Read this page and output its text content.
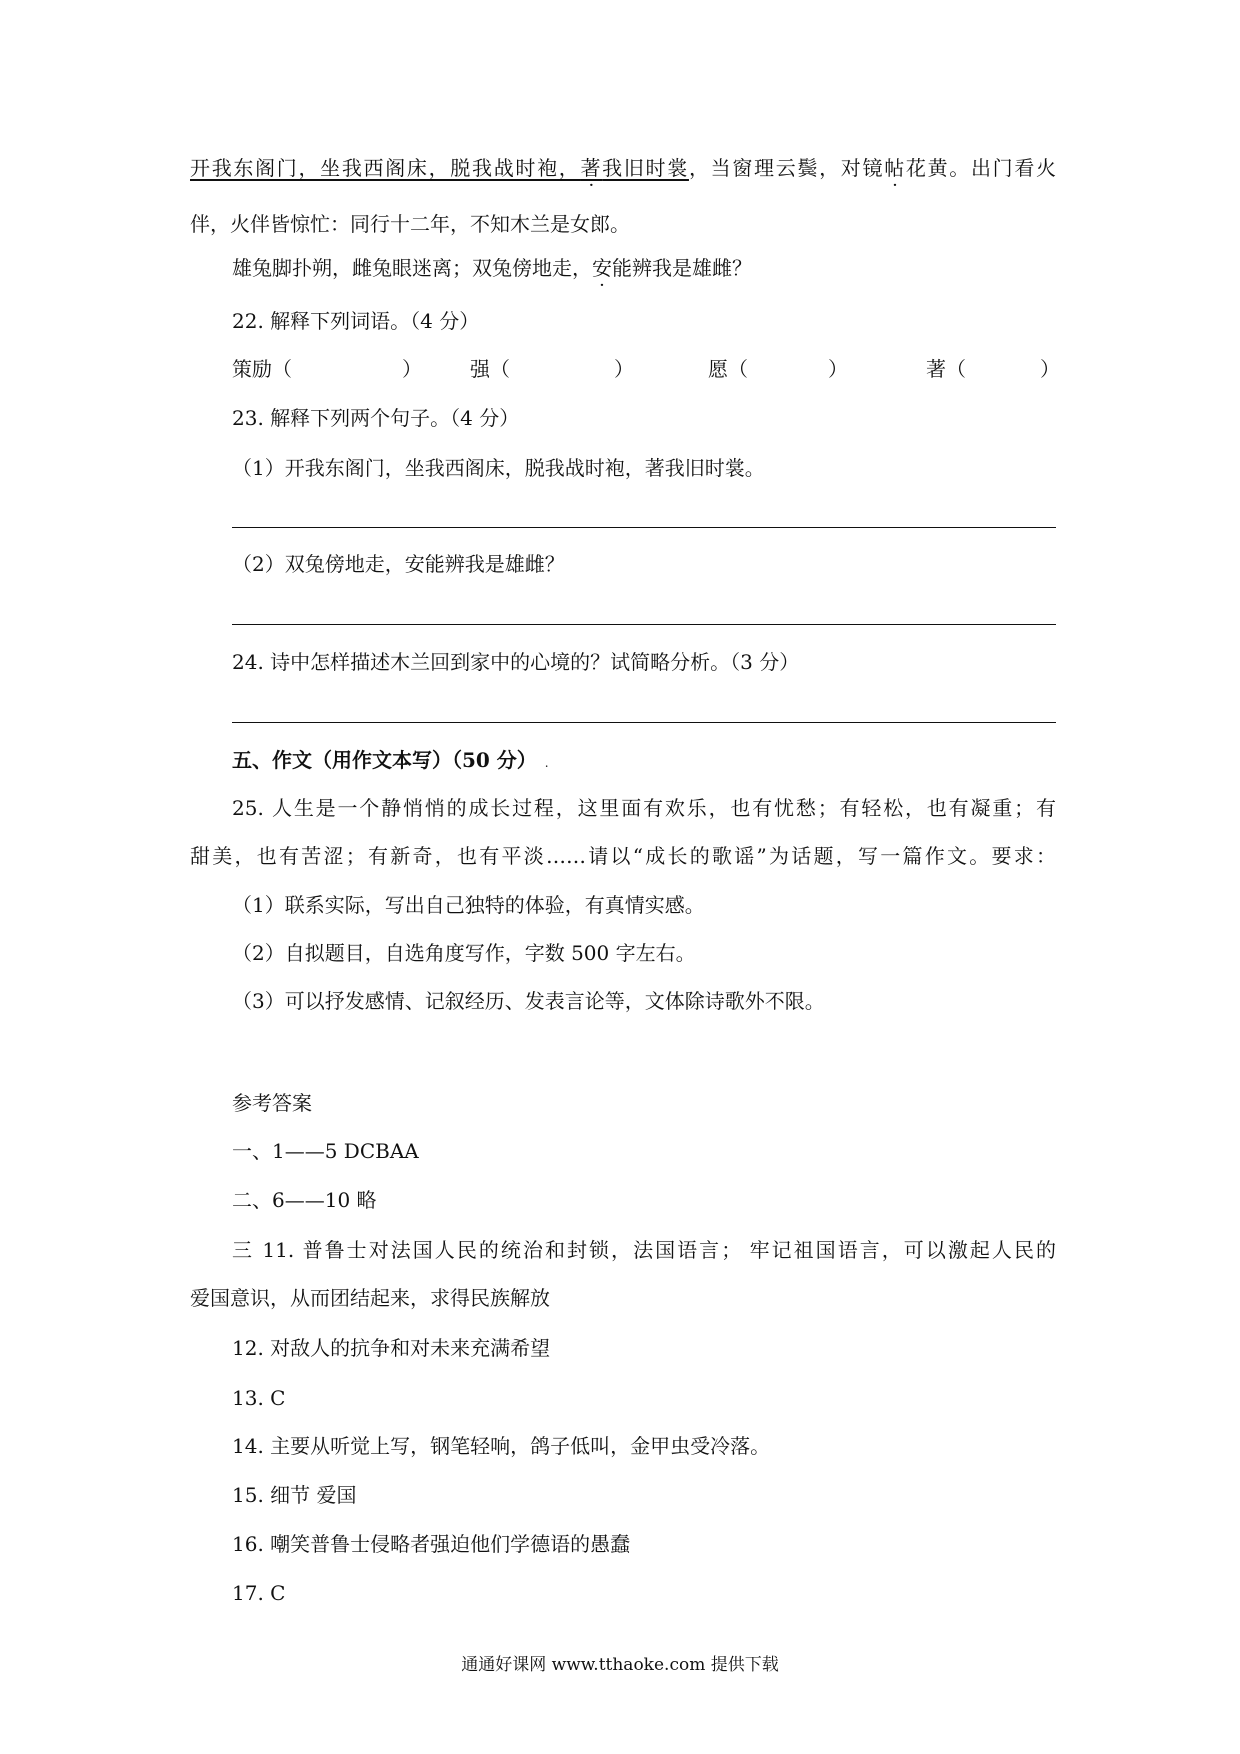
开我东阁门，坐我西阁床，脱我战时袍，著我旧时裳，当窗理云鬓，对镜帖花黄。出门看火
伴，火伴皆惊忙：同行十二年，不知木兰是女郎。
雄兔脚扑朔，雌兔眼迷离；双兔傍地走，安能辨我是雄雌？
22. 解释下列词语。（4 分）
策励（	） 强（	）	愿（	）	著（	）
23. 解释下列两个句子。（4 分）
（1）开我东阁门，坐我西阁床，脱我战时袍，著我旧时裳。
（2）双兔傍地走，安能辨我是雄雌？
24. 诗中怎样描述木兰回到家中的心境的？试简略分析。（3 分）
五、作文（用作文本写）（50 分） .
25. 人生是一个静悄悄的成长过程，这里面有欢乐，也有忧愁；有轻松，也有凝重；有
甜美，也有苦涩；有新奇，也有平淡……请以“成长的歌谣”为话题，写一篇作文。要求：
（1）联系实际，写出自己独特的体验，有真情实感。
（2）自拟题目，自选角度写作，字数 500 字左右。
（3）可以抒发感情、记叙经历、发表言论等，文体除诗歌外不限。
参考答案
一、1——5 DCBAA
二、6——10 略
三 11. 普鲁士对法国人民的统治和封锁，法国语言； 牢记祖国语言，可以激起人民的
爱国意识，从而团结起来，求得民族解放
12. 对敌人的抗争和对未来充满希望
13. C
14. 主要从听觉上写，钢笔轻响，鸽子低叫，金甲虫受冷落。
15. 细节 爱国
16. 嘲笑普鲁士侵略者强迫他们学德语的愚蠢
17. C
通通好课网 www.tthaoke.com 提供下载
